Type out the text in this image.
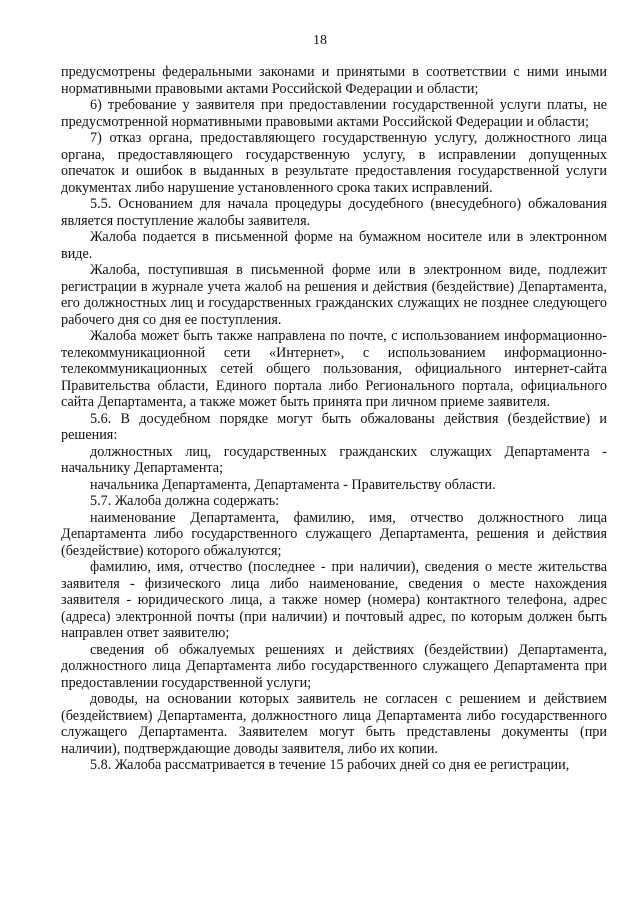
18

предусмотрены федеральными законами и принятыми в соответствии с ними иными нормативными правовыми актами Российской Федерации и области;

6) требование у заявителя при предоставлении государственной услуги платы, не предусмотренной нормативными правовыми актами Российской Федерации и области;

7) отказ органа, предоставляющего государственную услугу, должностного лица органа, предоставляющего государственную услугу, в исправлении допущенных опечаток и ошибок в выданных в результате предоставления государственной услуги документах либо нарушение установленного срока таких исправлений.

5.5. Основанием для начала процедуры досудебного (внесудебного) обжалования является поступление жалобы заявителя.

Жалоба подается в письменной форме на бумажном носителе или в электронном виде.

Жалоба, поступившая в письменной форме или в электронном виде, подлежит регистрации в журнале учета жалоб на решения и действия (бездействие) Департамента, его должностных лиц и государственных гражданских служащих не позднее следующего рабочего дня со дня ее поступления.

Жалоба может быть также направлена по почте, с использованием информационно-телекоммуникационной сети «Интернет», с использованием информационно-телекоммуникационных сетей общего пользования, официального интернет-сайта Правительства области, Единого портала либо Регионального портала, официального сайта Департамента, а также может быть принята при личном приеме заявителя.

5.6. В досудебном порядке могут быть обжалованы действия (бездействие) и решения:

должностных лиц, государственных гражданских служащих Департамента - начальнику Департамента;

начальника Департамента, Департамента - Правительству области.

5.7. Жалоба должна содержать:

наименование Департамента, фамилию, имя, отчество должностного лица Департамента либо государственного служащего Департамента, решения и действия (бездействие) которого обжалуются;

фамилию, имя, отчество (последнее - при наличии), сведения о месте жительства заявителя - физического лица либо наименование, сведения о месте нахождения заявителя - юридического лица, а также номер (номера) контактного телефона, адрес (адреса) электронной почты (при наличии) и почтовый адрес, по которым должен быть направлен ответ заявителю;

сведения об обжалуемых решениях и действиях (бездействии) Департамента, должностного лица Департамента либо государственного служащего Департамента при предоставлении государственной услуги;

доводы, на основании которых заявитель не согласен с решением и действием (бездействием) Департамента, должностного лица Департамента либо государственного служащего Департамента. Заявителем могут быть представлены документы (при наличии), подтверждающие доводы заявителя, либо их копии.

5.8. Жалоба рассматривается в течение 15 рабочих дней со дня ее регистрации,
